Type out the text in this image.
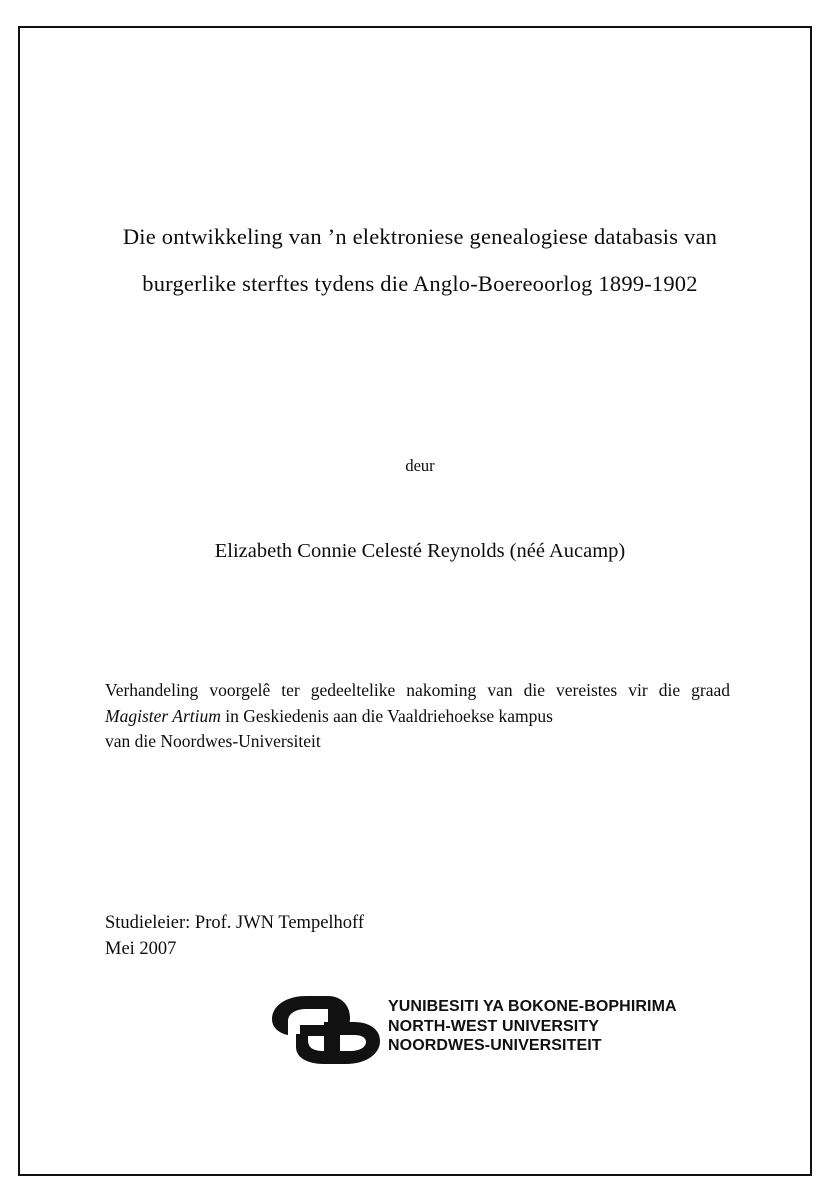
Die ontwikkeling van ’n elektroniese genealogiese databasis van
burgerlike sterftes tydens die Anglo-Boereoorlog 1899-1902
deur
Elizabeth Connie Celesté Reynolds (néé Aucamp)

Verhandeling voorgelê ter gedeeltelike nakoming van die vereistes vir die graad Magister Artium in Geskiedenis aan die Vaaldriehoekse kampus

van die Noordwes-Universiteit

Studieleier: Prof. JWN Tempelhoff
Mei 2007
YUNIBESITI YA BOKONE-BOPHIRIMA
NORTH-WEST UNIVERSITY
NOORDWES-UNIVERSITEIT
